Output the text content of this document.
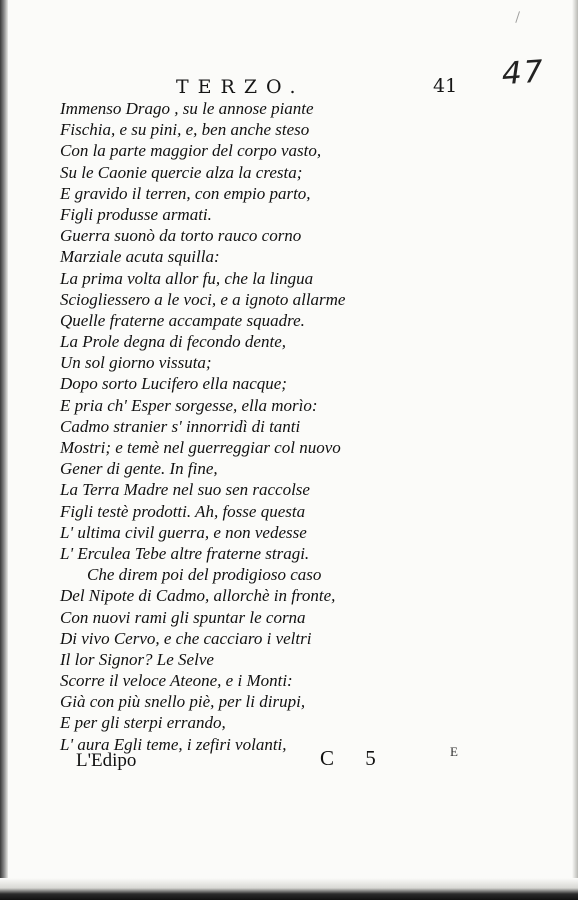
TERZO.	41 47
Immenso Drago , su le annose piante
Fischia, e su pini, e, ben anche steso
Con la parte maggior del corpo vasto,
Su le Caonie quercie alza la cresta;
E gravido il terren, con empio parto,
Figli produsse armati.
Guerra suonò da torto rauco corno
Marziale acuta squilla:
La prima volta allor fu, che la lingua
Sciogliessero a le voci, e a ignoto allarme
Quelle fraterne accampate squadre.
La Prole degna di fecondo dente,
Un sol giorno vissuta;
Dopo sorto Lucifero ella nacque;
E pria ch' Esper sorgesse, ella morìo:
Cadmo stranier s' innorridì di tanti
Mostri; e temè nel guerreggiar col nuovo
Gener di gente. In fine,
La Terra Madre nel suo sen raccolse
Figli testè prodotti. Ah, fosse questa
L' ultima civil guerra, e non vedesse
L' Erculea Tebe altre fraterne stragi.
Che direm poi del prodigioso caso
Del Nipote di Cadmo, allorchè in fronte,
Con nuovi rami gli spuntar le corna
Di vivo Cervo, e che cacciaro i veltri
Il lor Signor? Le Selve
Scorre il veloce Ateone, e i Monti:
Già con più snello piè, per li dirupi,
E per gli sterpi errando,
L' aura Egli teme, i zefiri volanti,
L'Edipo	C 5	E
